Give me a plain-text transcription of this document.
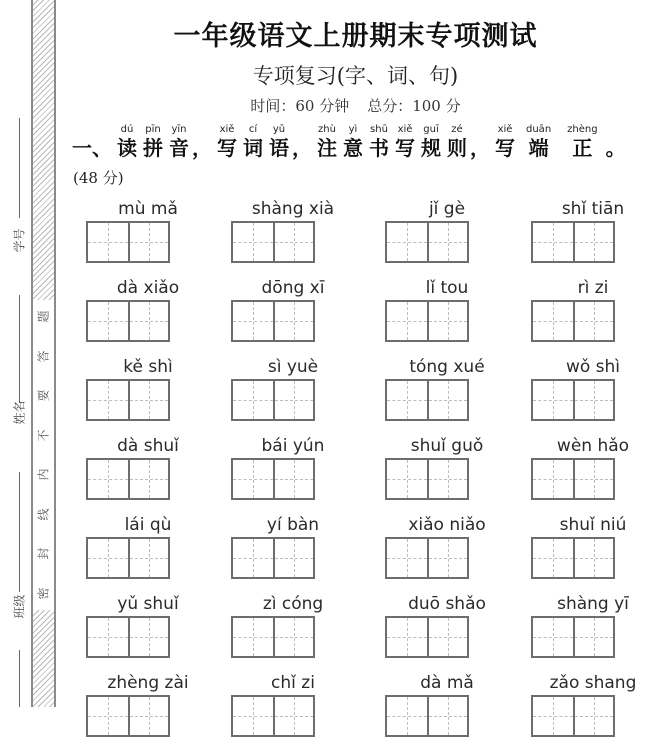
题
答
要
不
内
线
封
密
学号
姓名
班级
一年级语文上册期末专项测试
专项复习(字、词、句)
时间：60 分钟 总分：100 分
一、
dú
读
pīn
拼
yīn
音 ，
xiě
写
cí
词
yǔ
语 ，
zhù
注
yì
意
shū
书
xiě
写
guī
规
zé
则 ，
xiě
写
duān
端
zhèng
正 。
(48 分)
mù mǎ	shàng xià	jǐ gè	shǐ tiān
dà xiǎo	dōng xī	lǐ tou	rì zi
kě shì	sì yuè	tóng xué	wǒ shì
dà shuǐ	bái yún	shuǐ guǒ	wèn hǎo
lái qù	yí bàn	xiǎo niǎo	shuǐ niú
yǔ shuǐ	zì cóng	duō shǎo	shàng yī
zhèng zài	chǐ zi	dà mǎ	zǎo shang
